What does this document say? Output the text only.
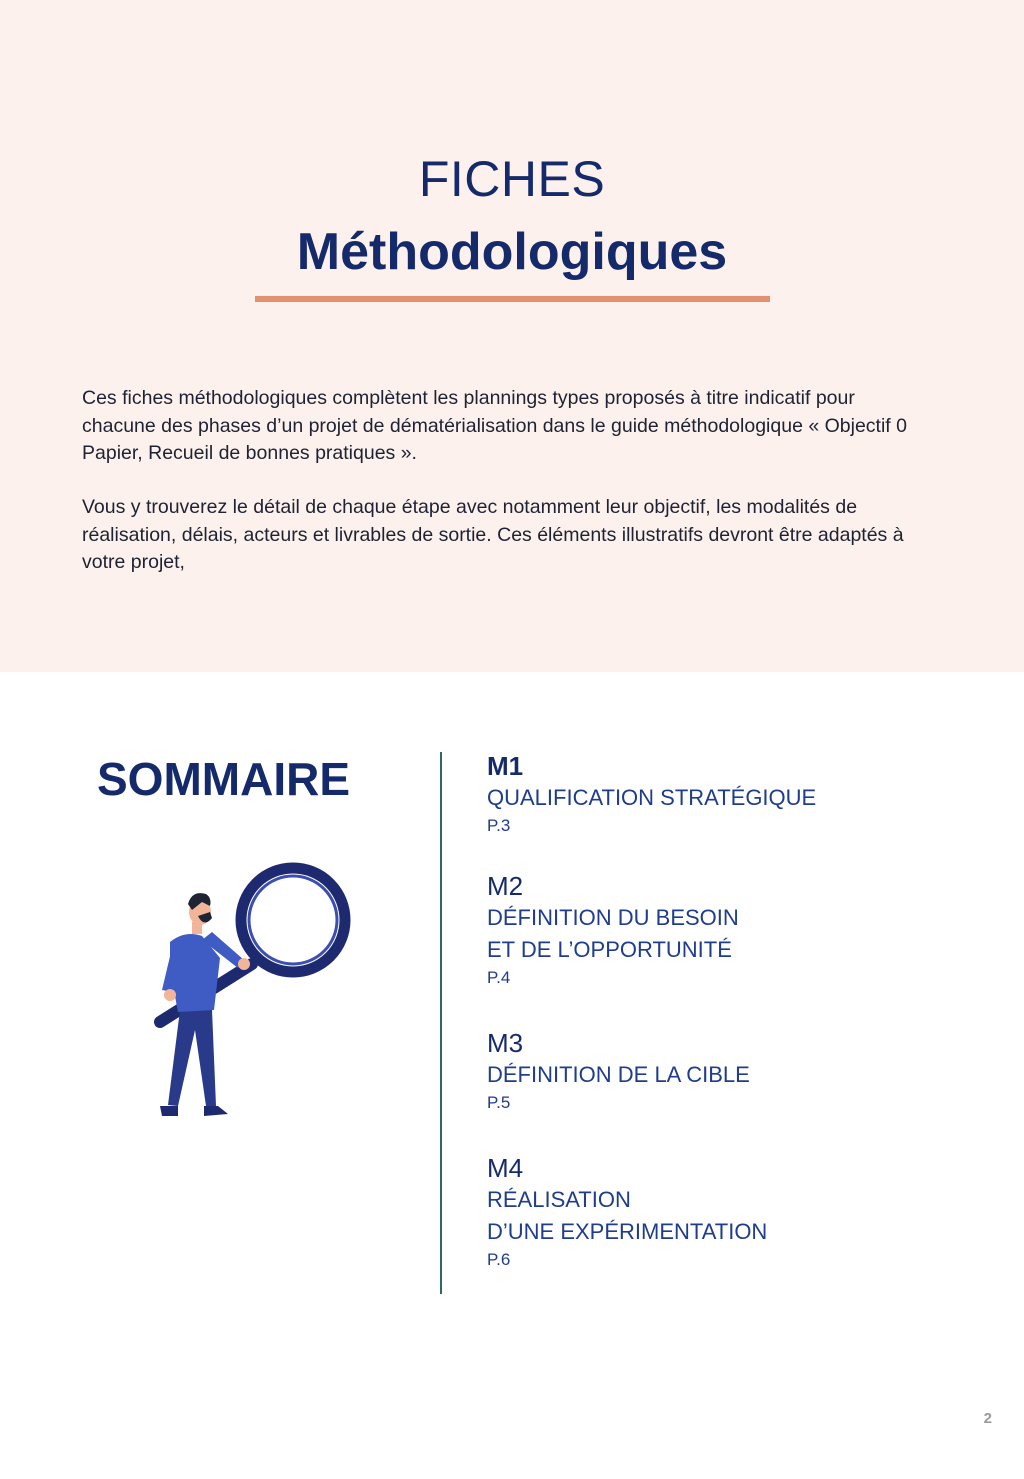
FICHES
Méthodologiques

Ces fiches méthodologiques complètent les plannings types proposés à titre indicatif pour chacune des phases d’un projet de dématérialisation dans le guide méthodologique « Objectif 0 Papier, Recueil de bonnes pratiques ».

Vous y trouverez le détail de chaque étape avec notamment leur objectif, les modalités de réalisation, délais, acteurs et livrables de sortie. Ces éléments illustratifs devront être adaptés à votre projet,

SOMMAIRE	M1
QUALIFICATION STRATÉGIQUE
P.3
M2
DÉFINITION DU BESOIN
ET DE L’OPPORTUNITÉ
P.4
M3
DÉFINITION DE LA CIBLE
P.5
M4
RÉALISATION
D’UNE EXPÉRIMENTATION
P.6
2
